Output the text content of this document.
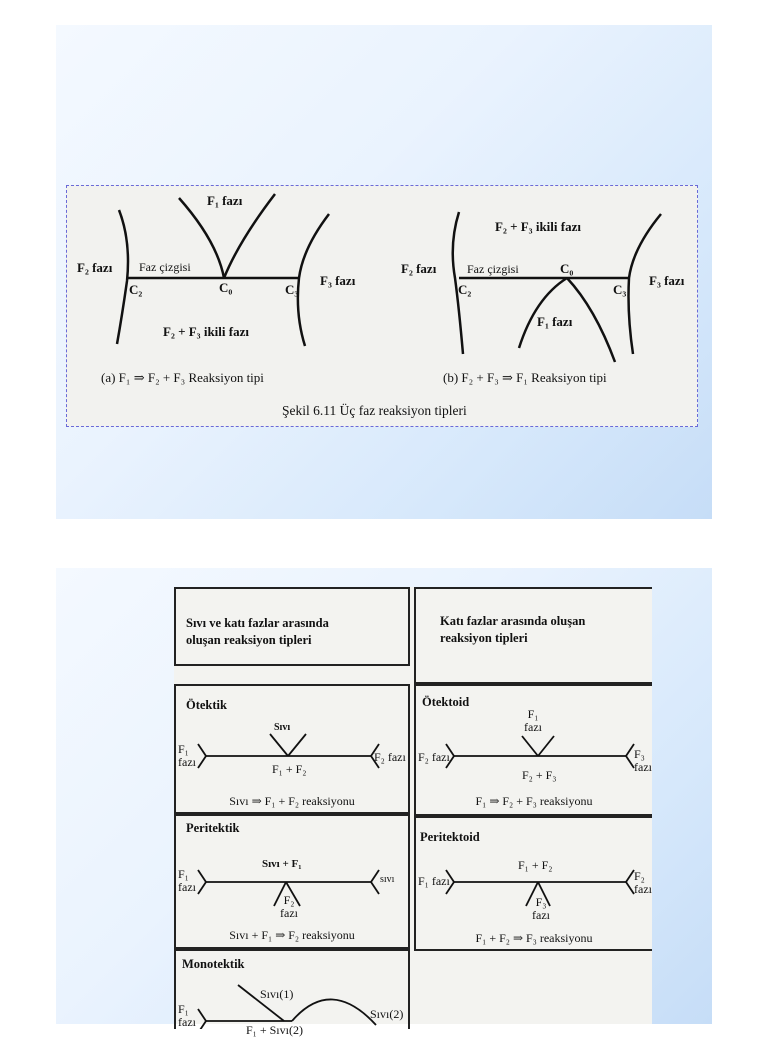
F₁ fazı
F₂ fazı
F₃ fazı
C₂	C₀	C₃
F₂ + F₃ ikili fazı
Faz çizgisi
(a) F₁ ⇒ F₂ + F₃ Reaksiyon tipi
F₂ + F₃ ikili fazı
F₂ fazı
F₃ fazı
C₀
C₂	C₃
F₁ fazı
Faz çizgisi
(b) F₂ + F₃ ⇒ F₁ Reaksiyon tipi
Şekil 6.11 Üç faz reaksiyon tipleri
Sıvı ve katı fazlar arasında
oluşan reaksiyon tipleri
Ötektik
Sıvı
F₁
fazı	F₂ fazı
F₁ + F₂
Sıvı ⇒ F₁ + F₂ reaksiyonu
Peritektik
Sıvı + F₁
F₁
fazı
sıvı
F₂
fazı
Sıvı + F₁ ⇒ F₂ reaksiyonu
Monotektik
Sıvı(1)
F₁
fazı
Sıvı(2)
F₁ + Sıvı(2)
Katı fazlar arasında oluşan
reaksiyon tipleri
Ötektoid
F₁
fazı
F₂ fazı	F₃
fazı
F₂ + F₃
F₁ ⇒ F₂ + F₃ reaksiyonu
Peritektoid
F₁ + F₂
F₁ fazı	F₂
fazı
F₃
fazı
F₁ + F₂ ⇒ F₃ reaksiyonu
